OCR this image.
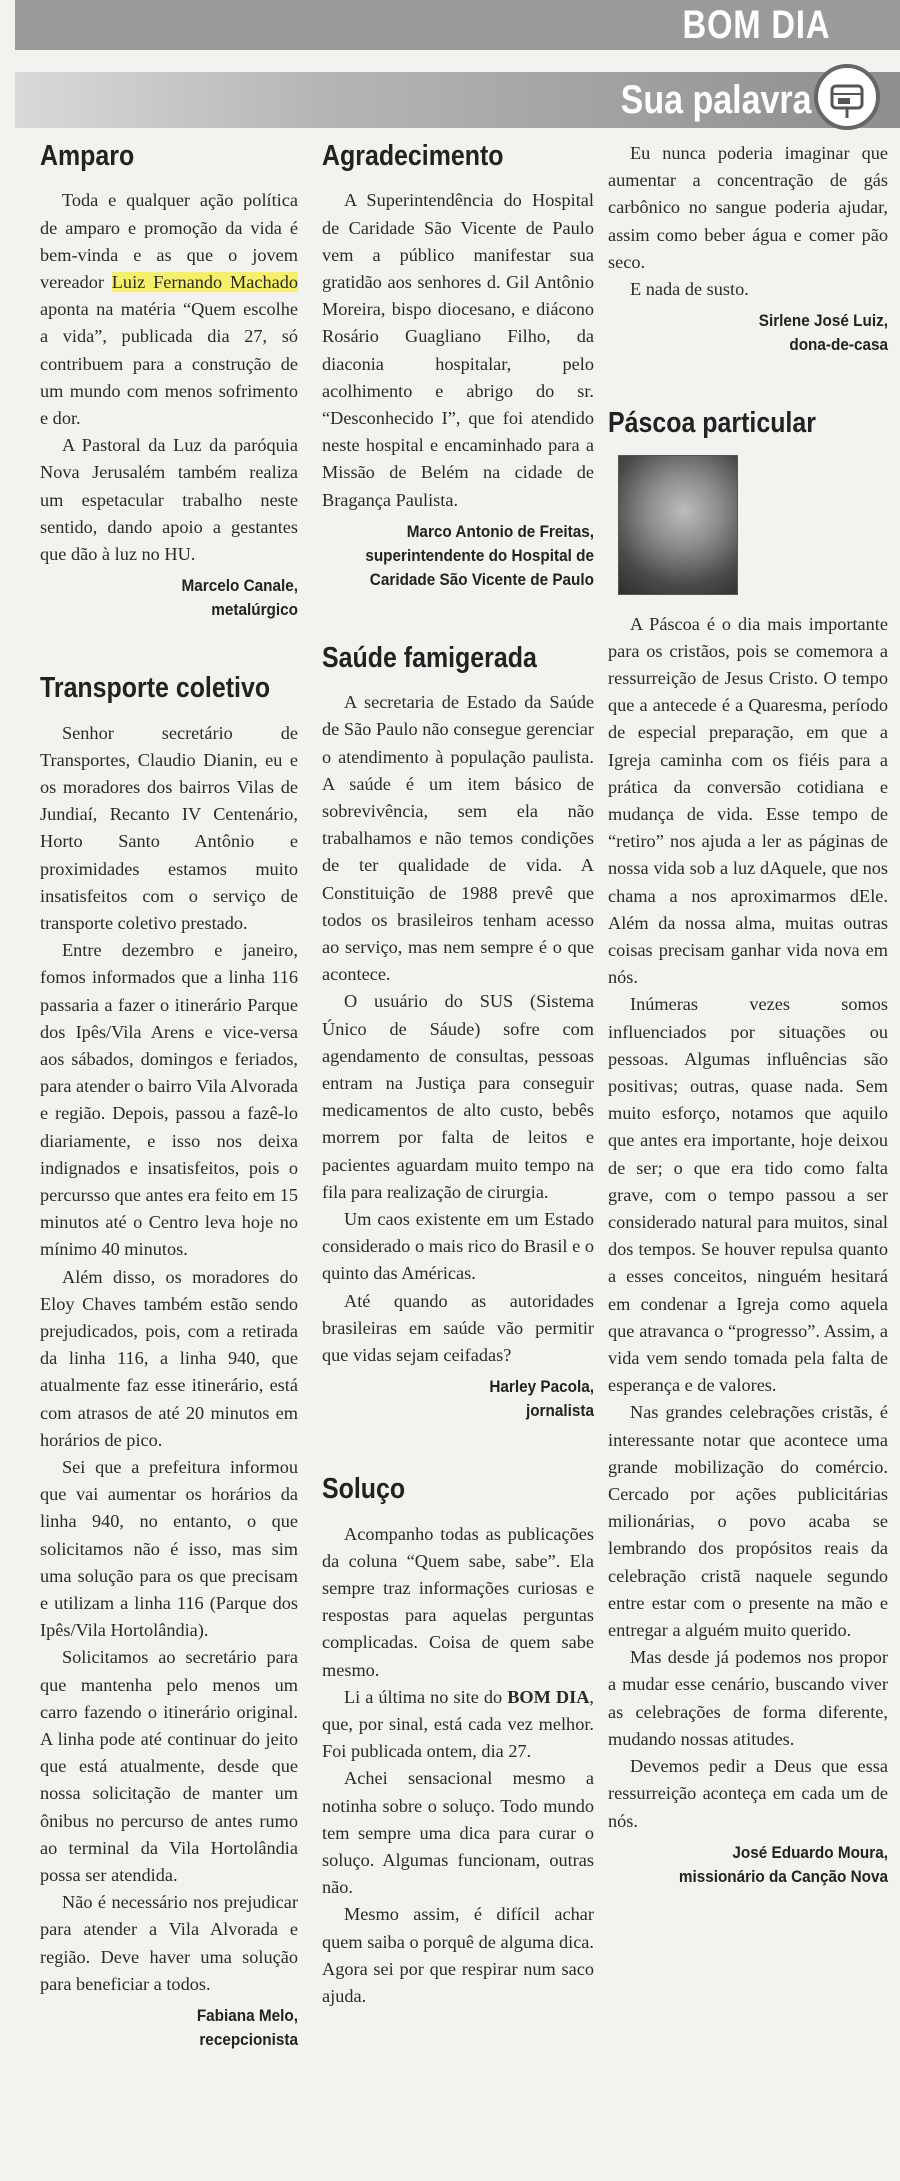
BOM DIA
Sua palavra
Amparo

Toda e qualquer ação política de amparo e promoção da vida é bem-vinda e as que o jovem vereador Luiz Fernando Machado aponta na matéria “Quem escolhe a vida”, publicada dia 27, só contribuem para a construção de um mundo com menos sofrimento e dor.

A Pastoral da Luz da paróquia Nova Jerusalém também realiza um espetacular trabalho neste sentido, dando apoio a gestantes que dão à luz no HU.

Marcelo Canale,
metalúrgico
Transporte coletivo

Senhor secretário de Transportes, Claudio Dianin, eu e os moradores dos bairros Vilas de Jundiaí, Recanto IV Centenário, Horto Santo Antônio e proximidades estamos muito insatisfeitos com o serviço de transporte coletivo prestado.

Entre dezembro e janeiro, fomos informados que a linha 116 passaria a fazer o itinerário Parque dos Ipês/Vila Arens e vice-versa aos sábados, domingos e feriados, para atender o bairro Vila Alvorada e região. Depois, passou a fazê-lo diariamente, e isso nos deixa indignados e insatisfeitos, pois o percursso que antes era feito em 15 minutos até o Centro leva hoje no mínimo 40 minutos.

Além disso, os moradores do Eloy Chaves também estão sendo prejudicados, pois, com a retirada da linha 116, a linha 940, que atualmente faz esse itinerário, está com atrasos de até 20 minutos em horários de pico.

Sei que a prefeitura informou que vai aumentar os horários da linha 940, no entanto, o que solicitamos não é isso, mas sim uma solução para os que precisam e utilizam a linha 116 (Parque dos Ipês/Vila Hortolândia).

Solicitamos ao secretário para que mantenha pelo menos um carro fazendo o itinerário original. A linha pode até continuar do jeito que está atualmente, desde que nossa solicitação de manter um ônibus no percurso de antes rumo ao terminal da Vila Hortolândia possa ser atendida.

Não é necessário nos prejudicar para atender a Vila Alvorada e região. Deve haver uma solução para beneficiar a todos.

Fabiana Melo,
recepcionista
Agradecimento

A Superintendência do Hospital de Caridade São Vicente de Paulo vem a público manifestar sua gratidão aos senhores d. Gil Antônio Moreira, bispo diocesano, e diácono Rosário Guagliano Filho, da diaconia hospitalar, pelo acolhimento e abrigo do sr. “Desconhecido I”, que foi atendido neste hospital e encaminhado para a Missão de Belém na cidade de Bragança Paulista.

Marco Antonio de Freitas,
superintendente do Hospital de
Caridade São Vicente de Paulo
Saúde famigerada

A secretaria de Estado da Saúde de São Paulo não consegue gerenciar o atendimento à população paulista. A saúde é um item básico de sobrevivência, sem ela não trabalhamos e não temos condições de ter qualidade de vida. A Constituição de 1988 prevê que todos os brasileiros tenham acesso ao serviço, mas nem sempre é o que acontece.

O usuário do SUS (Sistema Único de Sáude) sofre com agendamento de consultas, pessoas entram na Justiça para conseguir medicamentos de alto custo, bebês morrem por falta de leitos e pacientes aguardam muito tempo na fila para realização de cirurgia.

Um caos existente em um Estado considerado o mais rico do Brasil e o quinto das Américas.

Até quando as autoridades brasileiras em saúde vão permitir que vidas sejam ceifadas?

Harley Pacola,
jornalista
Soluço

Acompanho todas as publicações da coluna “Quem sabe, sabe”. Ela sempre traz informações curiosas e respostas para aquelas perguntas complicadas. Coisa de quem sabe mesmo.

Li a última no site do BOM DIA, que, por sinal, está cada vez melhor. Foi publicada ontem, dia 27.

Achei sensacional mesmo a notinha sobre o soluço. Todo mundo tem sempre uma dica para curar o soluço. Algumas funcionam, outras não.

Mesmo assim, é difícil achar quem saiba o porquê de alguma dica. Agora sei por que respirar num saco ajuda.

Eu nunca poderia imaginar que aumentar a concentração de gás carbônico no sangue poderia ajudar, assim como beber água e comer pão seco.

E nada de susto.

Sirlene José Luiz,
dona-de-casa
Páscoa particular

A Páscoa é o dia mais importante para os cristãos, pois se comemora a ressurreição de Jesus Cristo. O tempo que a antecede é a Quaresma, período de especial preparação, em que a Igreja caminha com os fiéis para a prática da conversão cotidiana e mudança de vida. Esse tempo de “retiro” nos ajuda a ler as páginas de nossa vida sob a luz dAquele, que nos chama a nos aproximarmos dEle. Além da nossa alma, muitas outras coisas precisam ganhar vida nova em nós.

Inúmeras vezes somos influenciados por situações ou pessoas. Algumas influências são positivas; outras, quase nada. Sem muito esforço, notamos que aquilo que antes era importante, hoje deixou de ser; o que era tido como falta grave, com o tempo passou a ser considerado natural para muitos, sinal dos tempos. Se houver repulsa quanto a esses conceitos, ninguém hesitará em condenar a Igreja como aquela que atravanca o “progresso”. Assim, a vida vem sendo tomada pela falta de esperança e de valores.

Nas grandes celebrações cristãs, é interessante notar que acontece uma grande mobilização do comércio. Cercado por ações publicitárias milionárias, o povo acaba se lembrando dos propósitos reais da celebração cristã naquele segundo entre estar com o presente na mão e entregar a alguém muito querido.

Mas desde já podemos nos propor a mudar esse cenário, buscando viver as celebrações de forma diferente, mudando nossas atitudes.

Devemos pedir a Deus que essa ressurreição aconteça em cada um de nós.

José Eduardo Moura,
missionário da Canção Nova
